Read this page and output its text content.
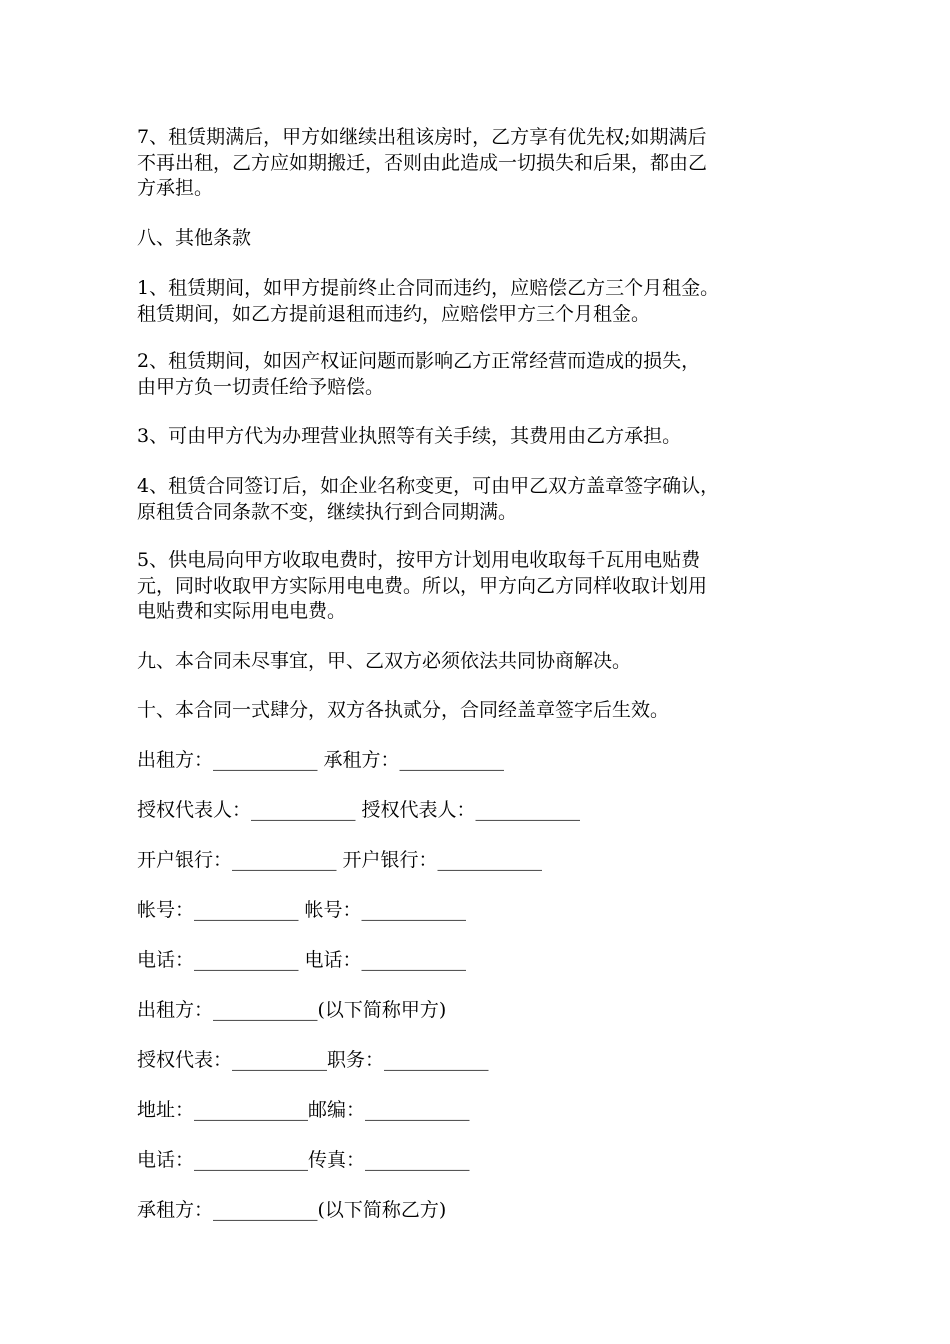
7、租赁期满后，甲方如继续出租该房时，乙方享有优先权;如期满后

不再出租，乙方应如期搬迁，否则由此造成一切损失和后果，都由乙

方承担。

八、其他条款

1、租赁期间，如甲方提前终止合同而违约，应赔偿乙方三个月租金。

租赁期间，如乙方提前退租而违约，应赔偿甲方三个月租金。

2、租赁期间，如因产权证问题而影响乙方正常经营而造成的损失，

由甲方负一切责任给予赔偿。

3、可由甲方代为办理营业执照等有关手续，其费用由乙方承担。

4、租赁合同签订后，如企业名称变更，可由甲乙双方盖章签字确认，

原租赁合同条款不变，继续执行到合同期满。

5、供电局向甲方收取电费时，按甲方计划用电收取每千瓦用电贴费

元，同时收取甲方实际用电电费。所以，甲方向乙方同样收取计划用

电贴费和实际用电电费。

九、本合同未尽事宜，甲、乙双方必须依法共同协商解决。

十、本合同一式肆分，双方各执贰分，合同经盖章签字后生效。

出租方：___________ 承租方：___________

授权代表人：___________ 授权代表人：___________

开户银行：___________ 开户银行：___________

帐号：___________ 帐号：___________

电话：___________ 电话：___________

出租方：___________(以下简称甲方)

授权代表：__________职务：___________

地址：____________邮编：___________

电话：____________传真：___________

承租方：___________(以下简称乙方)
